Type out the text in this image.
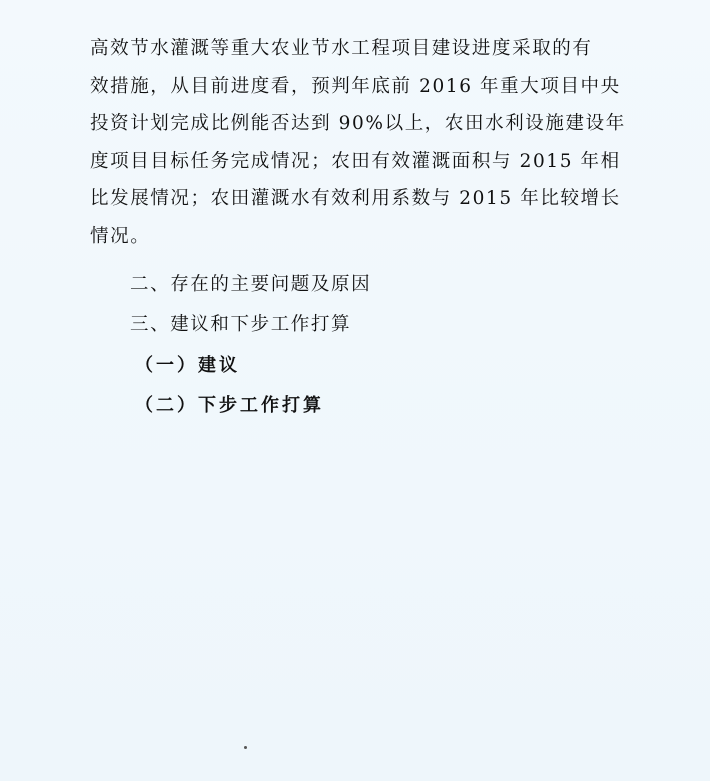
高效节水灌溉等重大农业节水工程项目建设进度采取的有
效措施，从目前进度看，预判年底前 2016 年重大项目中央
投资计划完成比例能否达到 90%以上，农田水利设施建设年
度项目目标任务完成情况；农田有效灌溉面积与 2015 年相
比发展情况；农田灌溉水有效利用系数与 2015 年比较增长
情况。
二、存在的主要问题及原因
三、建议和下步工作打算
（一）建议
（二）下步工作打算
